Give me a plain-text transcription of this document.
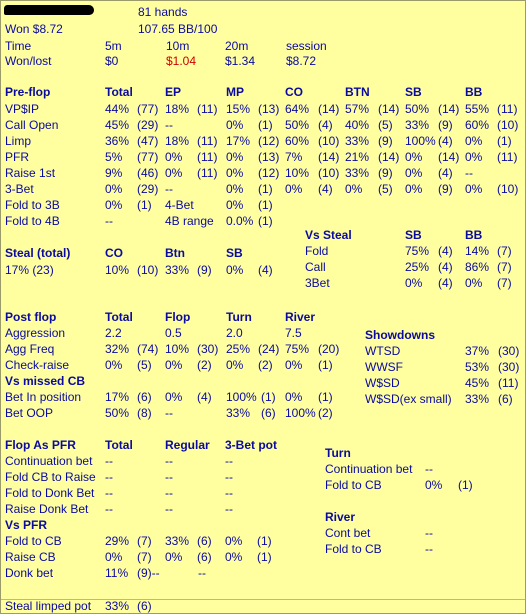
81 hands
Won $8.72	107.65 BB/100
Time	5m	10m	20m	session
Won/lost	$0	$1.04 $1.34	$8.72
Pre-flop	Total	EP	MP	CO	BTN	SB	BB
VP$IP	44% (77) 18% (11) 15% (13) 64% (14) 57% (14) 50% (14) 55% (11)
Call Open	45% (29) --	0% (1) 50% (4) 40% (5) 33% (9) 60% (10)
Limp	36% (47) 18% (11) 17% (12) 60% (10) 33% (9) 100% (4) 0% (1)
PFR	5% (77) 0% (11) 0% (13) 7% (14) 21% (14) 0% (14) 0% (11)
Raise 1st	9% (46) 0% (11) 0% (12) 10% (10) 33% (9) 0% (4) --
3-Bet	0% (29) --	0% (1) 0% (4) 0% (5) 0% (9) 0% (10)
Fold to 3B	0% (1) 4-Bet	0% (1)
Fold to 4B	--	4B range 0.0% (1)
Steal (total)	CO	Btn	SB
17% (23)	10% (10) 33% (9) 0% (4)
Vs Steal	SB	BB
Fold	75% (4) 14% (7)
Call	25% (4) 86% (7)
3Bet	0% (4) 0% (7)
Post flop	Total	Flop	Turn	River
Aggression	2.2	0.5	2.0	7.5
Agg Freq	32% (74) 10% (30) 25% (24) 75% (20)
Check-raise	0% (5) 0% (2) 0% (2) 0% (1)
Vs missed CB
Bet In position 17% (6) 0% (4) 100% (1) 0% (1)
Bet OOP	50% (8) --	33% (6) 100% (2)
Showdowns
WTSD	37% (30)
WWSF	53% (30)
W$SD	45% (11)
W$SD(ex small) 33% (6)
Flop As PFR Total	Regular 3-Bet pot
Continuation bet --	--	--
Fold CB to Raise --	--	--
Fold to Donk Bet --	--	--
Raise Donk Bet --	--	--
Vs PFR
Fold to CB	29% (7) 33% (6) 0% (1)
Raise CB	0% (7) 0% (6) 0% (1)
Donk bet	11% (9)--	--
Turn
Continuation bet --
Fold to CB	0% (1)
River
Cont bet	--
Fold to CB	--
Steal limped pot 33% (6)
